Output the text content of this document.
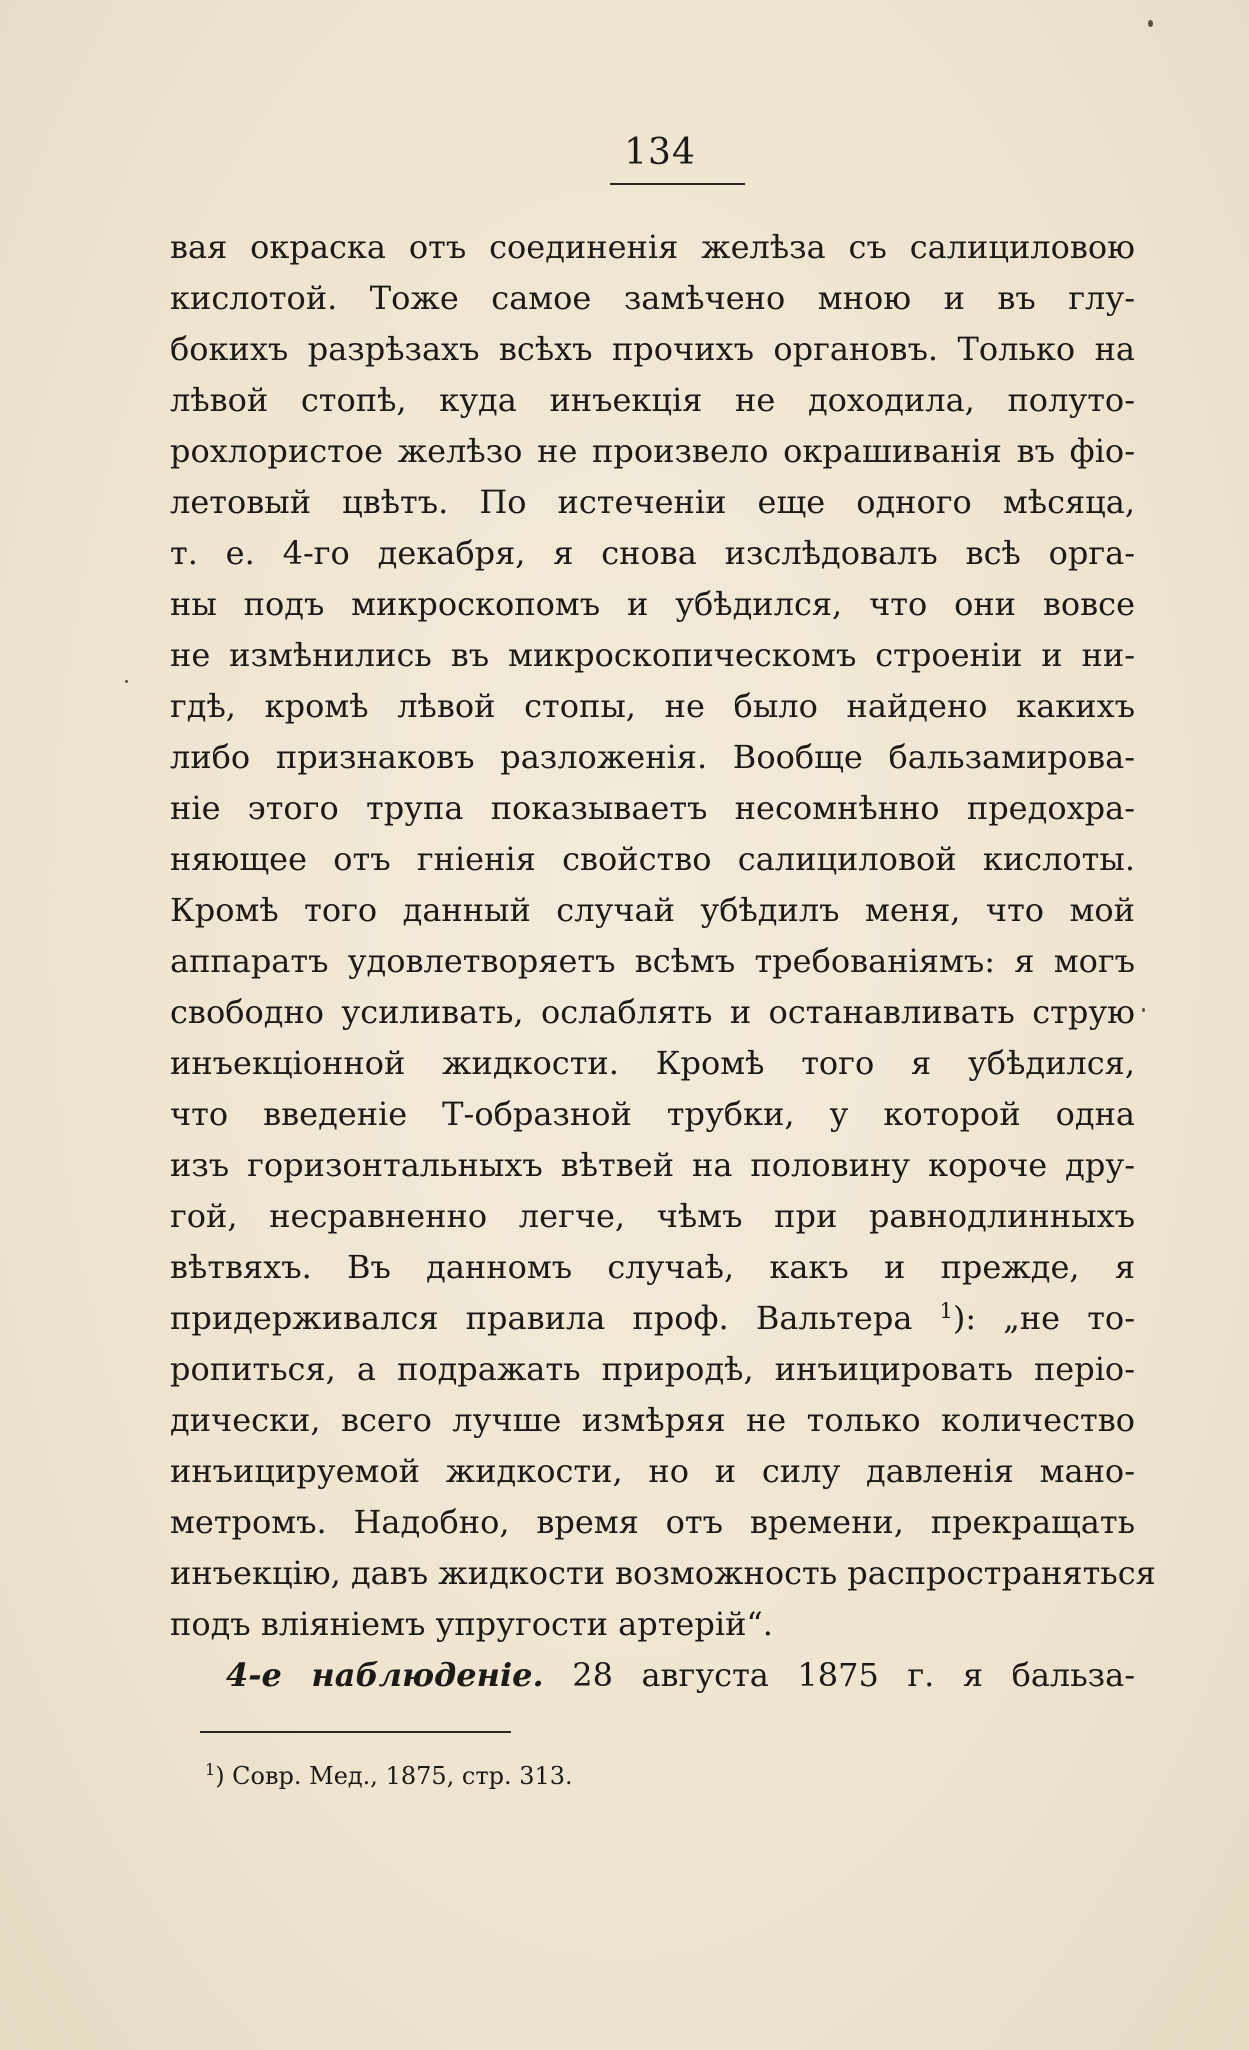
134
вая окраска отъ соединенія желѣза съ салициловою
кислотой. Тоже самое замѣчено мною и въ глу-
бокихъ разрѣзахъ всѣхъ прочихъ органовъ. Только на
лѣвой стопѣ, куда инъекція не доходила, полуто-
рохлористое желѣзо не произвело окрашиванія въ фіо-
летовый цвѣтъ. По истеченіи еще одного мѣсяца,
т. е. 4-го декабря, я снова изслѣдовалъ всѣ орга-
ны подъ микроскопомъ и убѣдился, что они вовсе
не измѣнились въ микроскопическомъ строеніи и ни-
гдѣ, кромѣ лѣвой стопы, не было найдено какихъ
либо признаковъ разложенія. Вообще бальзамирова-
ніе этого трупа показываетъ несомнѣнно предохра-
няющее отъ гніенія свойство салициловой кислоты.
Кромѣ того данный случай убѣдилъ меня, что мой
аппаратъ удовлетворяетъ всѣмъ требованіямъ: я могъ
свободно усиливать, ослаблять и останавливать струю
инъекціонной жидкости. Кромѣ того я убѣдился,
что введеніе Т-образной трубки, у которой одна
изъ горизонтальныхъ вѣтвей на половину короче дру-
гой, несравненно легче, чѣмъ при равнодлинныхъ
вѣтвяхъ. Въ данномъ случаѣ, какъ и прежде, я
придерживался правила проф. Вальтера $^1$): „не то-
ропиться, а подражать природѣ, инъицировать періо-
дически, всего лучше измѣряя не только количество
инъицируемой жидкости, но и силу давленія мано-
метромъ. Надобно, время отъ времени, прекращать
инъекцію, давъ жидкости возможность распространяться
подъ вліяніемъ упругости артерій“.
4-е наблюденіе. 28 августа 1875 г. я бальза-
$^1$) Совр. Мед., 1875, стр. 313.
